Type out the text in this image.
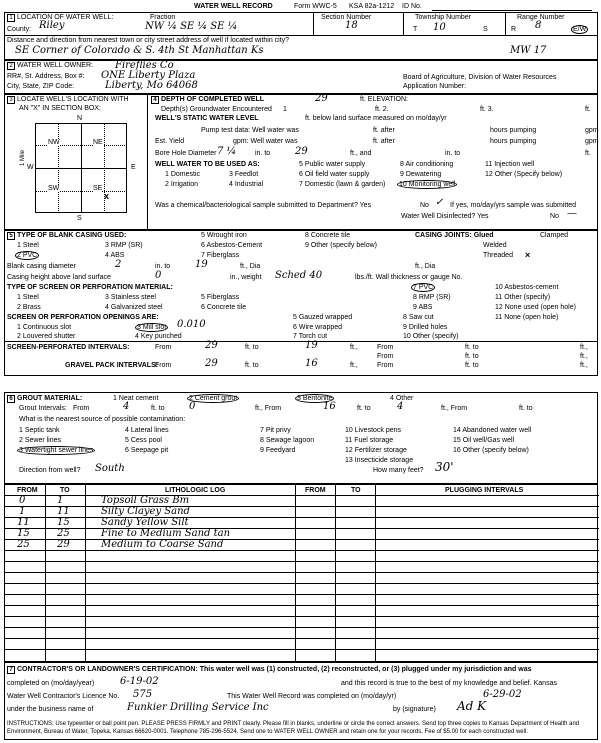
WATER WELL RECORD	Form WWC-5 KSA 82a-1212 ID No.
1 LOCATION OF WATER WELL:	Fraction	Section Number	Township Number	Range Number
County: Riley	NW ¼ SE ¼ SE ¼	18	T 10	S	R 8	E/W
Distance and direction from nearest town or city street address of well if located within city?
SE Corner of Colorado & S. 4th St Manhattan Ks	MW 17
2 WATER WELL OWNER: Fireflies Co
RR#, St. Address, Box #: ONE Liberty Plaza
City, State, ZIP Code:	Liberty, Mo 64068
Board of Agriculture, Division of Water Resources
Application Number:
3 LOCATE WELL'S LOCATION WITH
AN "X" IN SECTION BOX:
N
NW	NE
SW	SE
x
W	E
S
1 Mile
4 DEPTH OF COMPLETED WELL	29	ft. ELEVATION:
Depth(s) Groundwater Encountered 1	ft. 2.	ft. 3.	ft.
WELL'S STATIC WATER LEVEL	ft. below land surface measured on mo/day/yr
Pump test data: Well water was	ft. after	hours pumping	gpm
Est. Yield	gpm: Well water was	ft. after	hours pumping	gpm
Bore Hole Diameter 7 ¼	in. to 29	ft., and	in. to	ft.
WELL WATER TO BE USED AS:	5 Public water supply	8 Air conditioning	11 Injection well
1 Domestic	3 Feedlot	6 Oil field water supply	9 Dewatering	12 Other (Specify below)
2 Irrigation	4 Industrial	7 Domestic (lawn & garden) 10 Monitoring well
Was a chemical/bacteriological sample submitted to Department? Yes	No ✓ If yes, mo/day/yrs sample was submitted
Water Well Disinfected? Yes	No —
5 TYPE OF BLANK CASING USED:	5 Wrought iron	8 Concrete tile	CASING JOINTS: Glued	Clamped
1 Steel	3 RMP (SR)	6 Asbestos-Cement	9 Other (specify below)	Welded
2 PVC	4 ABS	7 Fiberglass	Threaded ×
Blank casing diameter	2	in. to 19	ft., Dia	ft., Dia
Casing height above land surface	0	in., weight Sched 40	lbs./ft. Wall thickness or gauge No.
TYPE OF SCREEN OR PERFORATION MATERIAL:	7 PVC	10 Asbestos-cement
1 Steel	3 Stainless steel	5 Fiberglass	8 RMP (SR)	11 Other (specify)
2 Brass	4 Galvanized steel	6 Concrete tile	9 ABS	12 None used (open hole)
SCREEN OR PERFORATION OPENINGS ARE:	5 Gauzed wrapped	8 Saw cut	11 None (open hole)
1 Continuous slot	3 Mill slot 0.010	6 Wire wrapped	9 Drilled holes
2 Louvered shutter	4 Key punched	7 Torch cut	10 Other (specify)
SCREEN-PERFORATED INTERVALS:	From	29	ft. to	19	ft.,	From	ft. to	ft.,
From	ft. to	ft.,
GRAVEL PACK INTERVALS:
From	29	ft. to	16	ft.,	From	ft. to	ft.,
6 GROUT MATERIAL:	1 Neat cement	2 Cement grout	3 Bentonite	4 Other
Grout Intervals: From	4	ft. to 0	ft., From	16	ft. to	4	ft., From	ft. to
What is the nearest source of possible contamination:
1 Septic tank	4 Lateral lines	7 Pit privy	10 Livestock pens	14 Abandoned water well
2 Sewer lines	5 Cess pool	8 Sewage lagoon	11 Fuel storage	15 Oil well/Gas well
3 Watertight sewer lines	6 Seepage pit	9 Feedyard	12 Fertilizer storage	16 Other (specify below)
13 Insecticide storage
Direction from well? South	How many feet? 30'
FROM	TO	LITHOLOGIC LOG	FROM	TO	PLUGGING INTERVALS
0	1	Topsoil Grass Bm
1	11	Silty Clayey Sand
11	15	Sandy Yellow Silt
15	25	Fine to Medium Sand tan
25	29	Medium to Coarse Sand
7 CONTRACTOR'S OR LANDOWNER'S CERTIFICATION: This water well was (1) constructed, (2) reconstructed, or (3) plugged under my jurisdiction and was
completed on (mo/day/year)	6-19-02	and this record is true to the best of my knowledge and belief. Kansas
Water Well Contractor's Licence No. 575	This Water Well Record was completed on (mo/day/yr)	6-29-02
under the business name of	Funkier Drilling Service Inc	by (signature) Ad K
INSTRUCTIONS: Use typewriter or ball point pen. PLEASE PRESS FIRMLY and PRINT clearly. Please fill in blanks, underline or circle the correct answers. Send top three copies to Kansas Department of Health and Environment, Bureau of Water, Topeka, Kansas 66620-0001. Telephone 785-296-5524. Send one to WATER WELL OWNER and retain one for your records. Fee of $5.00 for each constructed well.
